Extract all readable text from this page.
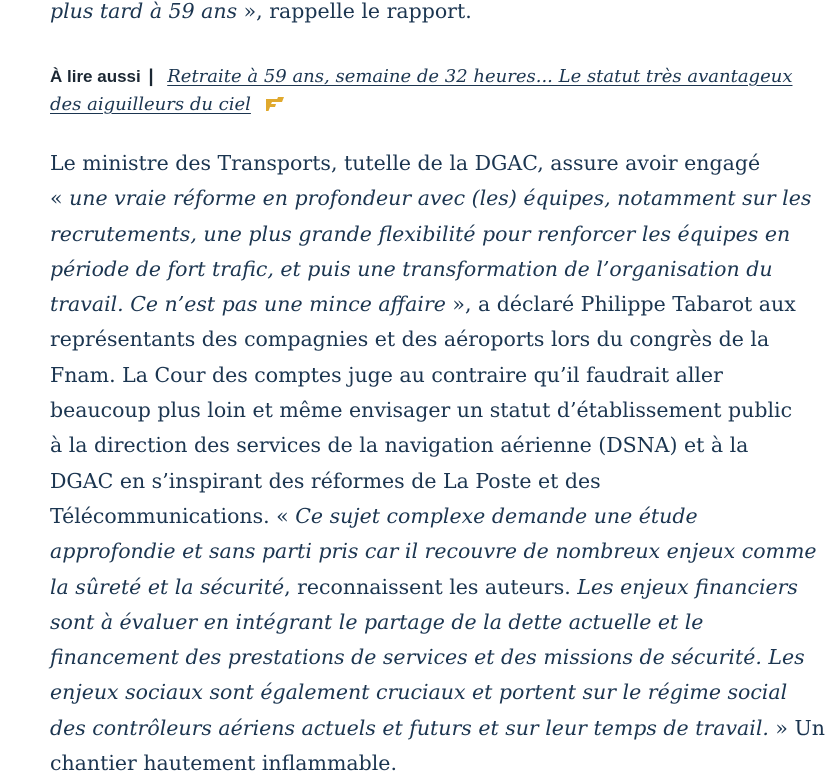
plus tard à 59 ans », rappelle le rapport.
À lire aussi | Retraite à 59 ans, semaine de 32 heures... Le statut très avantageux
des aiguilleurs du ciel
Le ministre des Transports, tutelle de la DGAC, assure avoir engagé
« une vraie réforme en profondeur avec (les) équipes, notamment sur les
recrutements, une plus grande flexibilité pour renforcer les équipes en
période de fort trafic, et puis une transformation de l’organisation du
travail. Ce n’est pas une mince affaire », a déclaré Philippe Tabarot aux
représentants des compagnies et des aéroports lors du congrès de la
Fnam. La Cour des comptes juge au contraire qu’il faudrait aller
beaucoup plus loin et même envisager un statut d’établissement public
à la direction des services de la navigation aérienne (DSNA) et à la
DGAC en s’inspirant des réformes de La Poste et des
Télécommunications. « Ce sujet complexe demande une étude
approfondie et sans parti pris car il recouvre de nombreux enjeux comme
la sûreté et la sécurité, reconnaissent les auteurs. Les enjeux financiers
sont à évaluer en intégrant le partage de la dette actuelle et le
financement des prestations de services et des missions de sécurité. Les
enjeux sociaux sont également cruciaux et portent sur le régime social
des contrôleurs aériens actuels et futurs et sur leur temps de travail. » Un
chantier hautement inflammable.
